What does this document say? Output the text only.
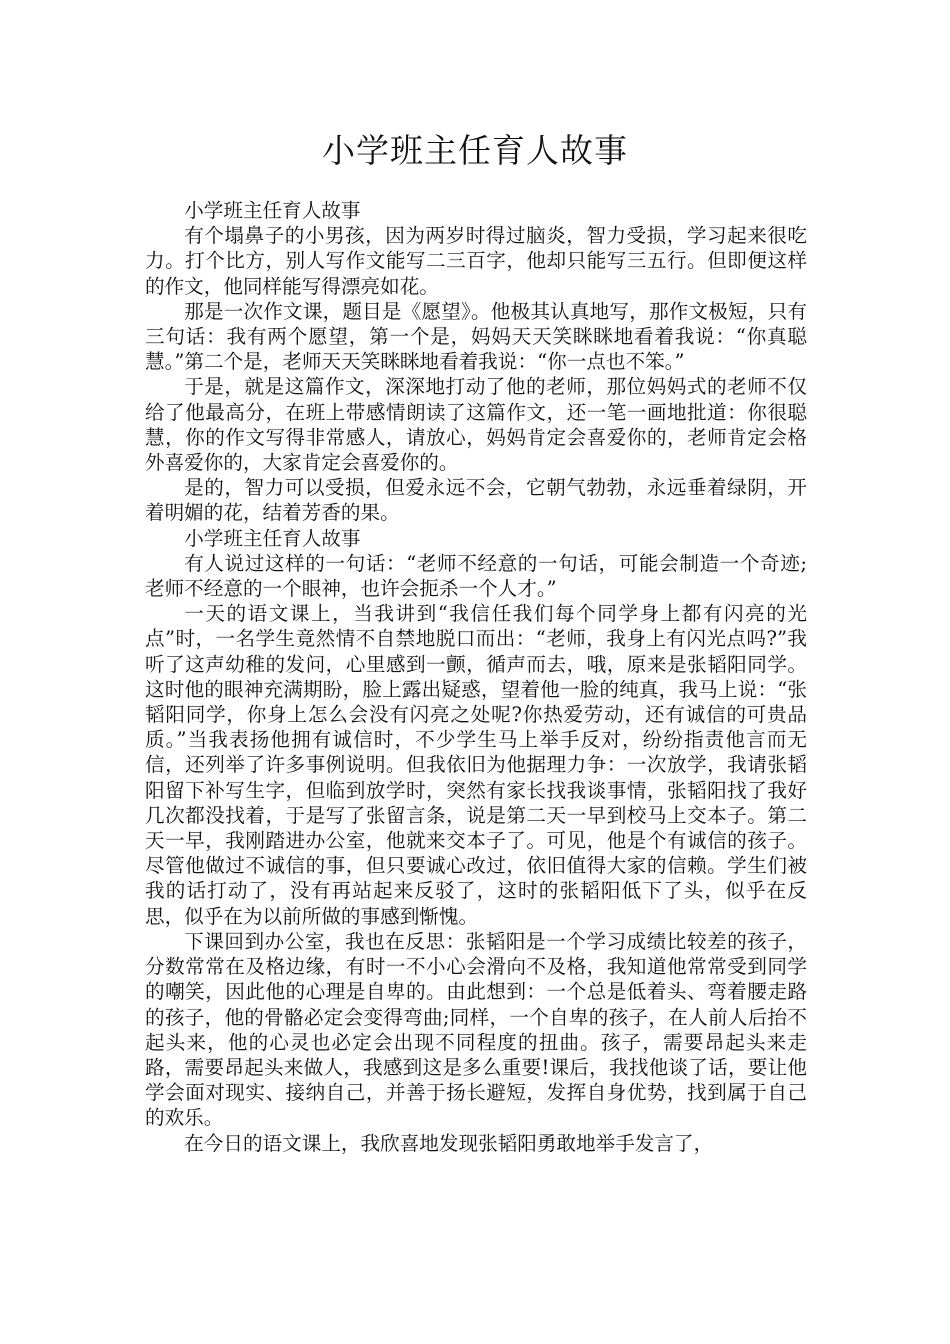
小学班主任育人故事

小学班主任育人故事

有个塌鼻子的小男孩，因为两岁时得过脑炎，智力受损，学习起来很吃力。打个比方，别人写作文能写二三百字，他却只能写三五行。但即便这样的作文，他同样能写得漂亮如花。

那是一次作文课，题目是《愿望》。他极其认真地写，那作文极短，只有三句话：我有两个愿望，第一个是，妈妈天天笑眯眯地看着我说：“你真聪慧。”第二个是，老师天天笑眯眯地看着我说：“你一点也不笨。”

于是，就是这篇作文，深深地打动了他的老师，那位妈妈式的老师不仅给了他最高分，在班上带感情朗读了这篇作文，还一笔一画地批道：你很聪慧，你的作文写得非常感人，请放心，妈妈肯定会喜爱你的，老师肯定会格外喜爱你的，大家肯定会喜爱你的。

是的，智力可以受损，但爱永远不会，它朝气勃勃，永远垂着绿阴，开着明媚的花，结着芳香的果。

小学班主任育人故事

有人说过这样的一句话：“老师不经意的一句话，可能会制造一个奇迹;老师不经意的一个眼神，也许会扼杀一个人才。”

一天的语文课上，当我讲到“我信任我们每个同学身上都有闪亮的光点”时，一名学生竟然情不自禁地脱口而出：“老师，我身上有闪光点吗?”我听了这声幼稚的发问，心里感到一颤，循声而去，哦，原来是张韬阳同学。这时他的眼神充满期盼，脸上露出疑惑，望着他一脸的纯真，我马上说：“张韬阳同学，你身上怎么会没有闪亮之处呢?你热爱劳动，还有诚信的可贵品质。”当我表扬他拥有诚信时，不少学生马上举手反对，纷纷指责他言而无信，还列举了许多事例说明。但我依旧为他据理力争：一次放学，我请张韬阳留下补写生字，但临到放学时，突然有家长找我谈事情，张韬阳找了我好几次都没找着，于是写了张留言条，说是第二天一早到校马上交本子。第二天一早，我刚踏进办公室，他就来交本子了。可见，他是个有诚信的孩子。尽管他做过不诚信的事，但只要诚心改过，依旧值得大家的信赖。学生们被我的话打动了，没有再站起来反驳了，这时的张韬阳低下了头，似乎在反思，似乎在为以前所做的事感到惭愧。

下课回到办公室，我也在反思：张韬阳是一个学习成绩比较差的孩子，分数常常在及格边缘，有时一不小心会滑向不及格，我知道他常常受到同学的嘲笑，因此他的心理是自卑的。由此想到：一个总是低着头、弯着腰走路的孩子，他的骨骼必定会变得弯曲;同样，一个自卑的孩子，在人前人后抬不起头来，他的心灵也必定会出现不同程度的扭曲。孩子，需要昂起头来走路，需要昂起头来做人，我感到这是多么重要!课后，我找他谈了话，要让他学会面对现实、接纳自己，并善于扬长避短，发挥自身优势，找到属于自己的欢乐。

在今日的语文课上，我欣喜地发现张韬阳勇敢地举手发言了，
